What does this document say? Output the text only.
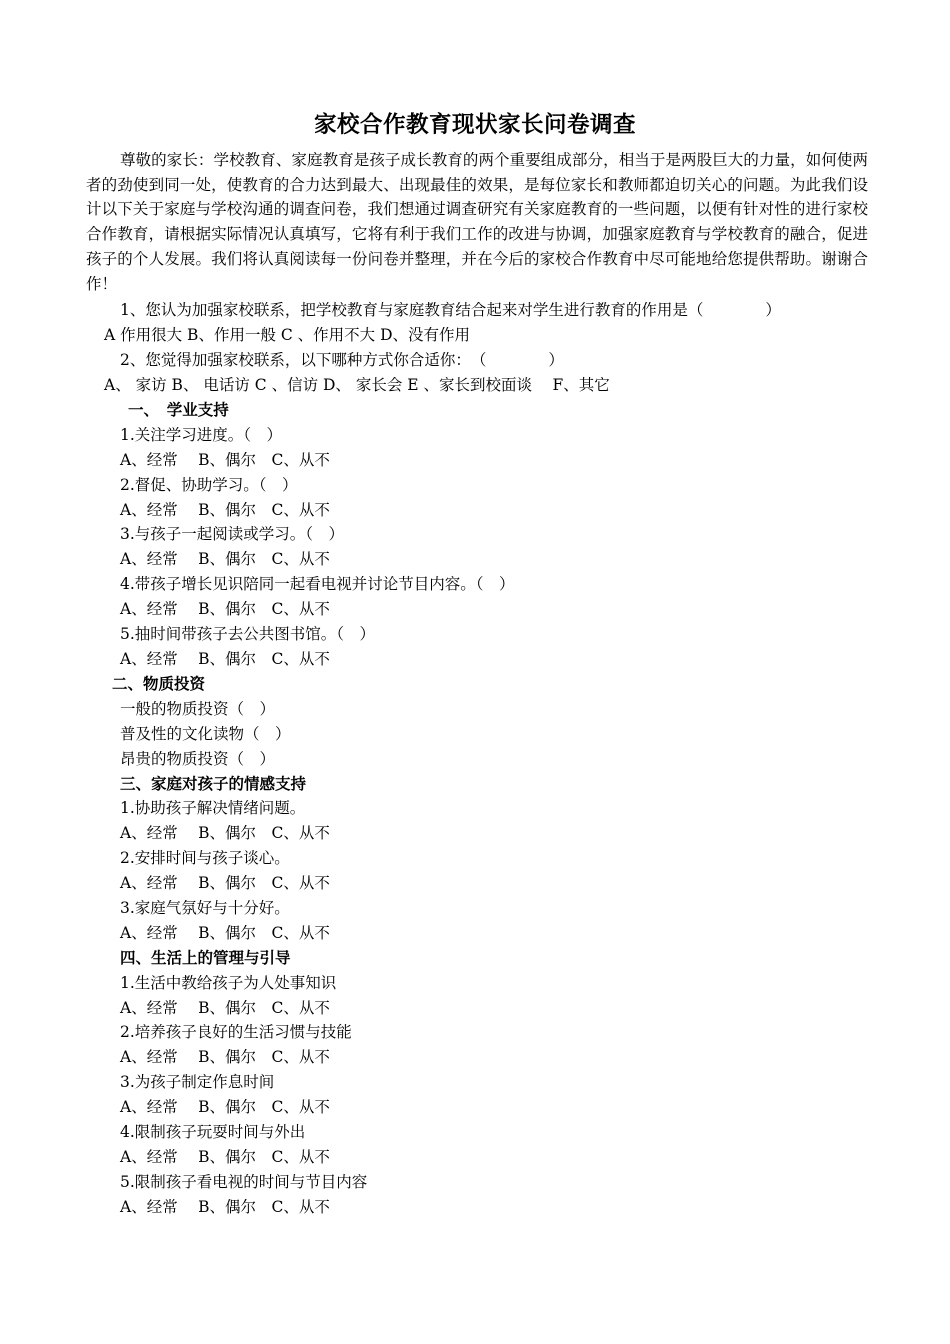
家校合作教育现状家长问卷调查

尊敬的家长：学校教育、家庭教育是孩子成长教育的两个重要组成部分，相当于是两股巨大的力量，如何使两者的劲使到同一处，使教育的合力达到最大、出现最佳的效果，是每位家长和教师都迫切关心的问题。为此我们设计以下关于家庭与学校沟通的调查问卷，我们想通过调查研究有关家庭教育的一些问题，以便有针对性的进行家校合作教育，请根据实际情况认真填写，它将有利于我们工作的改进与协调，加强家庭教育与学校教育的融合，促进孩子的个人发展。我们将认真阅读每一份问卷并整理，并在今后的家校合作教育中尽可能地给您提供帮助。谢谢合作！

1、您认为加强家校联系，把学校教育与家庭教育结合起来对学生进行教育的作用是（　　　　）
A 作用很大 B、作用一般 C 、作用不大 D、没有作用
2、您觉得加强家校联系，以下哪种方式你合适你：　（　　　　）
A、 家访 B、 电话访 C 、信访 D、 家长会 E 、家长到校面谈　 F、其它
一、　学业支持
1.关注学习进度。（　）
A、经常　 B、偶尔　C、从不
2.督促、协助学习。（　）
A、经常　 B、偶尔　C、从不
3.与孩子一起阅读或学习。（　）
A、经常　 B、偶尔　C、从不
4.带孩子增长见识陪同一起看电视并讨论节目内容。（　）
A、经常　 B、偶尔　C、从不
5.抽时间带孩子去公共图书馆。（　）
A、经常　 B、偶尔　C、从不
二、物质投资
一般的物质投资（　）
普及性的文化读物（　）
昂贵的物质投资（　）
三、家庭对孩子的情感支持
1.协助孩子解决情绪问题。
A、经常　 B、偶尔　C、从不
2.安排时间与孩子谈心。
A、经常　 B、偶尔　C、从不
3.家庭气氛好与十分好。
A、经常　 B、偶尔　C、从不
四、生活上的管理与引导
1.生活中教给孩子为人处事知识
A、经常　 B、偶尔　C、从不
2.培养孩子良好的生活习惯与技能
A、经常　 B、偶尔　C、从不
3.为孩子制定作息时间
A、经常　 B、偶尔　C、从不
4.限制孩子玩耍时间与外出
A、经常　 B、偶尔　C、从不
5.限制孩子看电视的时间与节目内容
A、经常　 B、偶尔　C、从不
